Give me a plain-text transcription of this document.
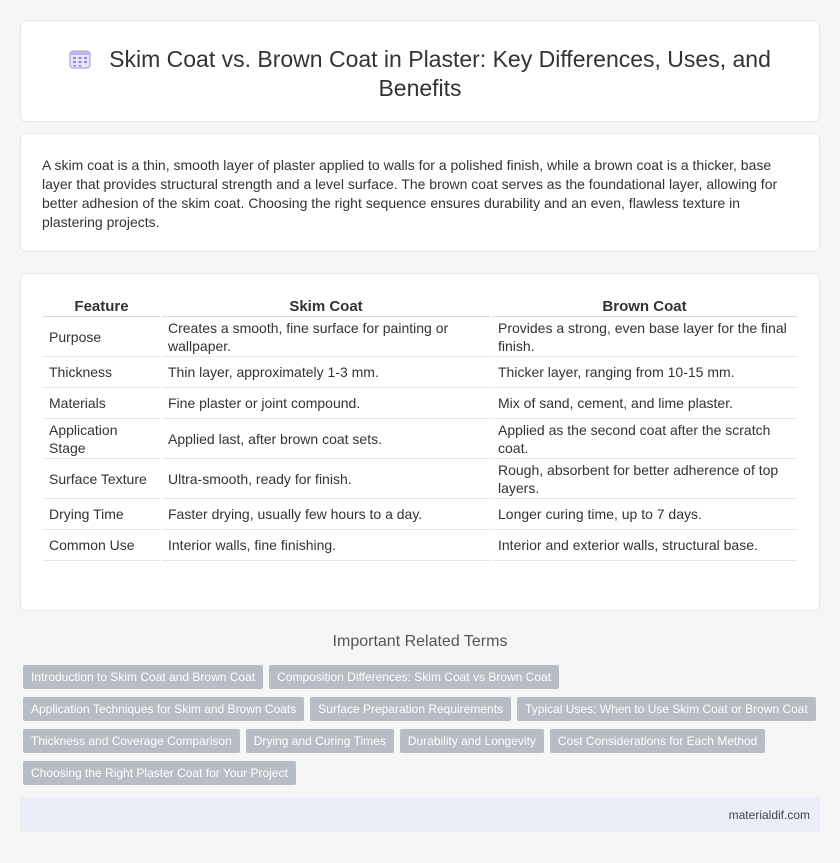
Skim Coat vs. Brown Coat in Plaster: Key Differences, Uses, and Benefits

A skim coat is a thin, smooth layer of plaster applied to walls for a polished finish, while a brown coat is a thicker, base layer that provides structural strength and a level surface. The brown coat serves as the foundational layer, allowing for better adhesion of the skim coat. Choosing the right sequence ensures durability and an even, flawless texture in plastering projects.

Feature	Skim Coat	Brown Coat
Purpose	Creates a smooth, fine surface for painting or wallpaper.	Provides a strong, even base layer for the final finish.
Thickness	Thin layer, approximately 1-3 mm.	Thicker layer, ranging from 10-15 mm.
Materials	Fine plaster or joint compound.	Mix of sand, cement, and lime plaster.
Application Stage	Applied last, after brown coat sets.	Applied as the second coat after the scratch coat.
Surface Texture	Ultra-smooth, ready for finish.	Rough, absorbent for better adherence of top layers.
Drying Time	Faster drying, usually few hours to a day.	Longer curing time, up to 7 days.
Common Use	Interior walls, fine finishing.	Interior and exterior walls, structural base.
Important Related Terms
Introduction to Skim Coat and Brown Coat Composition Differences: Skim Coat vs Brown Coat
Application Techniques for Skim and Brown Coats Surface Preparation Requirements Typical Uses: When to Use Skim Coat or Brown Coat
Thickness and Coverage Comparison Drying and Curing Times Durability and Longevity Cost Considerations for Each Method
Choosing the Right Plaster Coat for Your Project
materialdif.com
